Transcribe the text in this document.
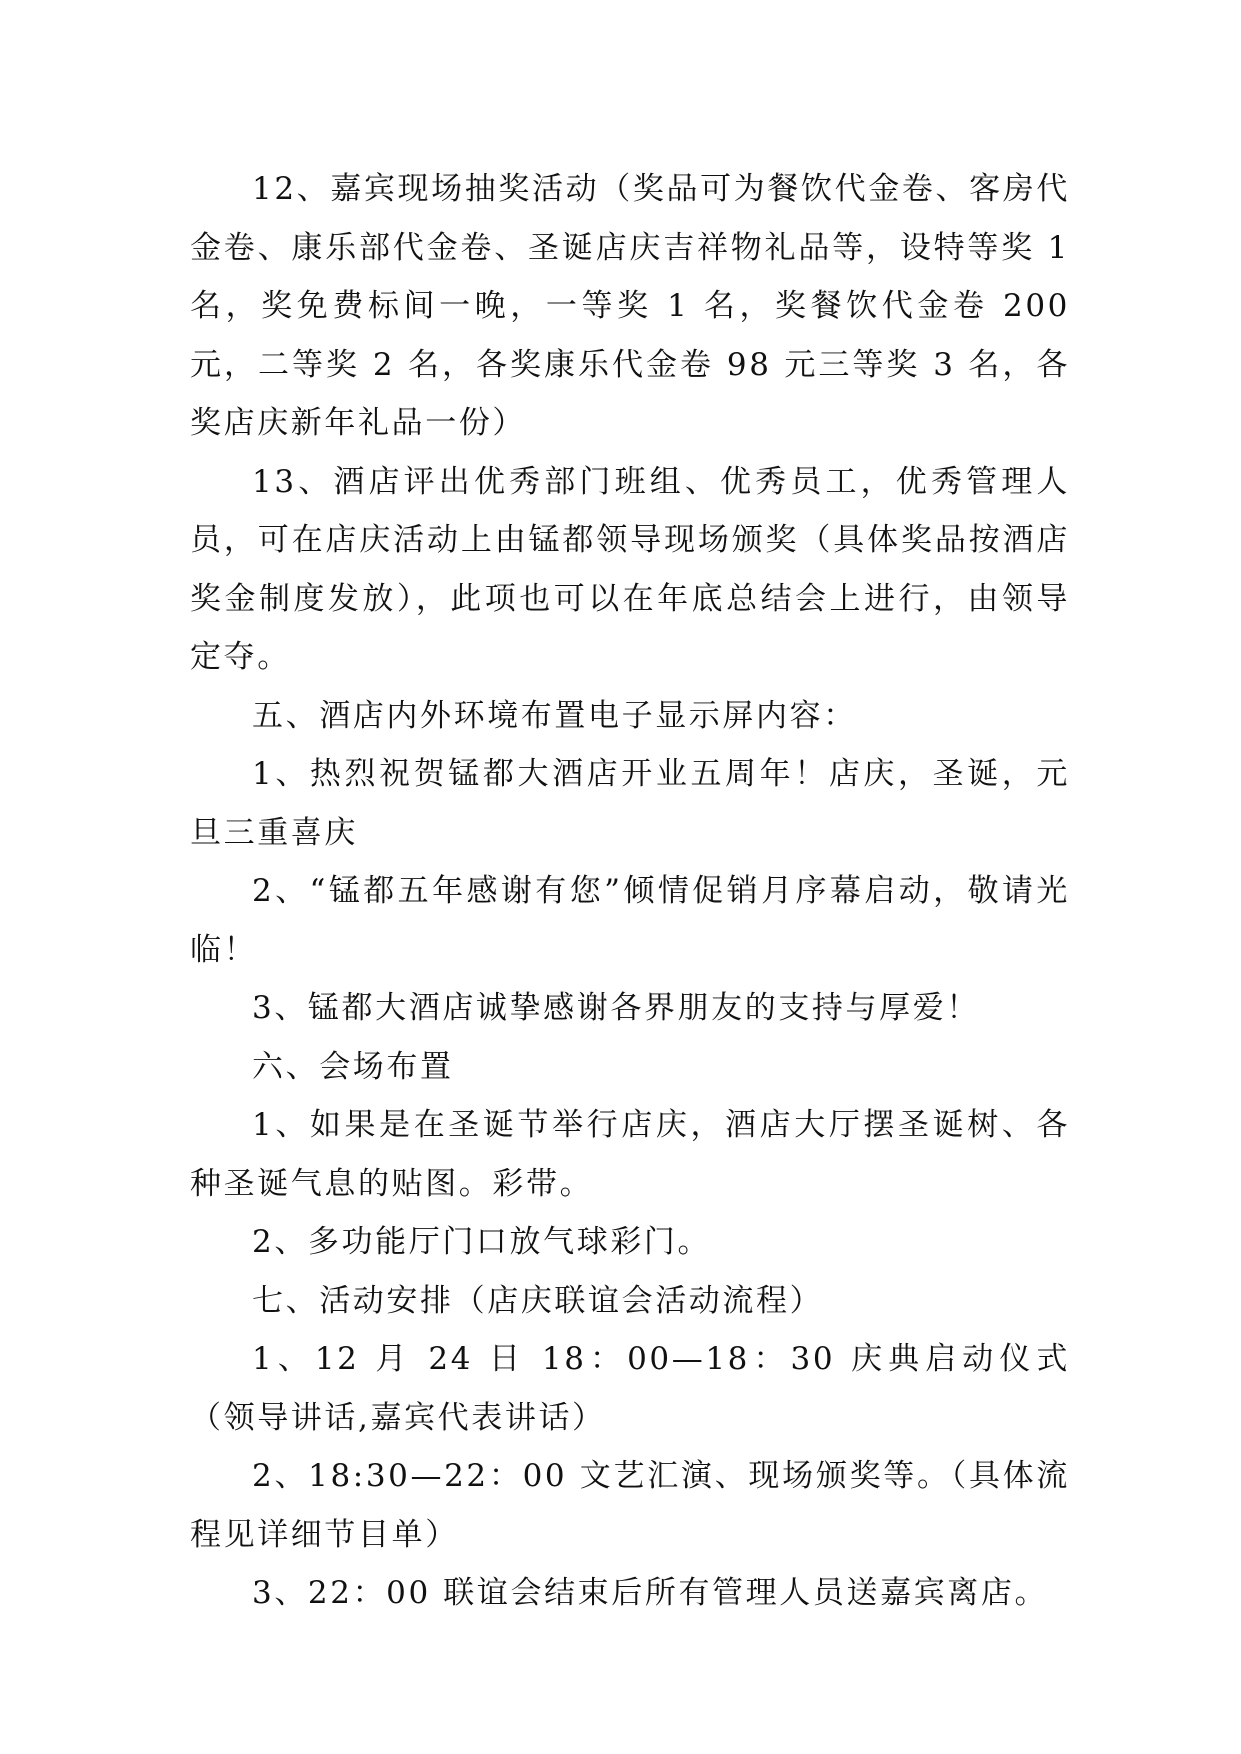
12、嘉宾现场抽奖活动（奖品可为餐饮代金卷、客房代金卷、康乐部代金卷、圣诞店庆吉祥物礼品等，设特等奖 1 名，奖免费标间一晚，一等奖 1 名，奖餐饮代金卷 200 元，二等奖 2 名，各奖康乐代金卷 98 元三等奖 3 名，各奖店庆新年礼品一份）

13、酒店评出优秀部门班组、优秀员工，优秀管理人员，可在店庆活动上由锰都领导现场颁奖（具体奖品按酒店奖金制度发放），此项也可以在年底总结会上进行，由领导定夺。

五、酒店内外环境布置电子显示屏内容：

1、热烈祝贺锰都大酒店开业五周年！店庆，圣诞，元旦三重喜庆

2、“锰都五年感谢有您”倾情促销月序幕启动，敬请光临！

3、锰都大酒店诚挚感谢各界朋友的支持与厚爱！

六、会场布置

1、如果是在圣诞节举行店庆，酒店大厅摆圣诞树、各种圣诞气息的贴图。彩带。

2、多功能厅门口放气球彩门。

七、活动安排（店庆联谊会活动流程）

1、12 月 24 日 18：00—18：30 庆典启动仪式（领导讲话,嘉宾代表讲话）

2、18:30—22：00 文艺汇演、现场颁奖等。（具体流程见详细节目单）

3、22：00 联谊会结束后所有管理人员送嘉宾离店。
